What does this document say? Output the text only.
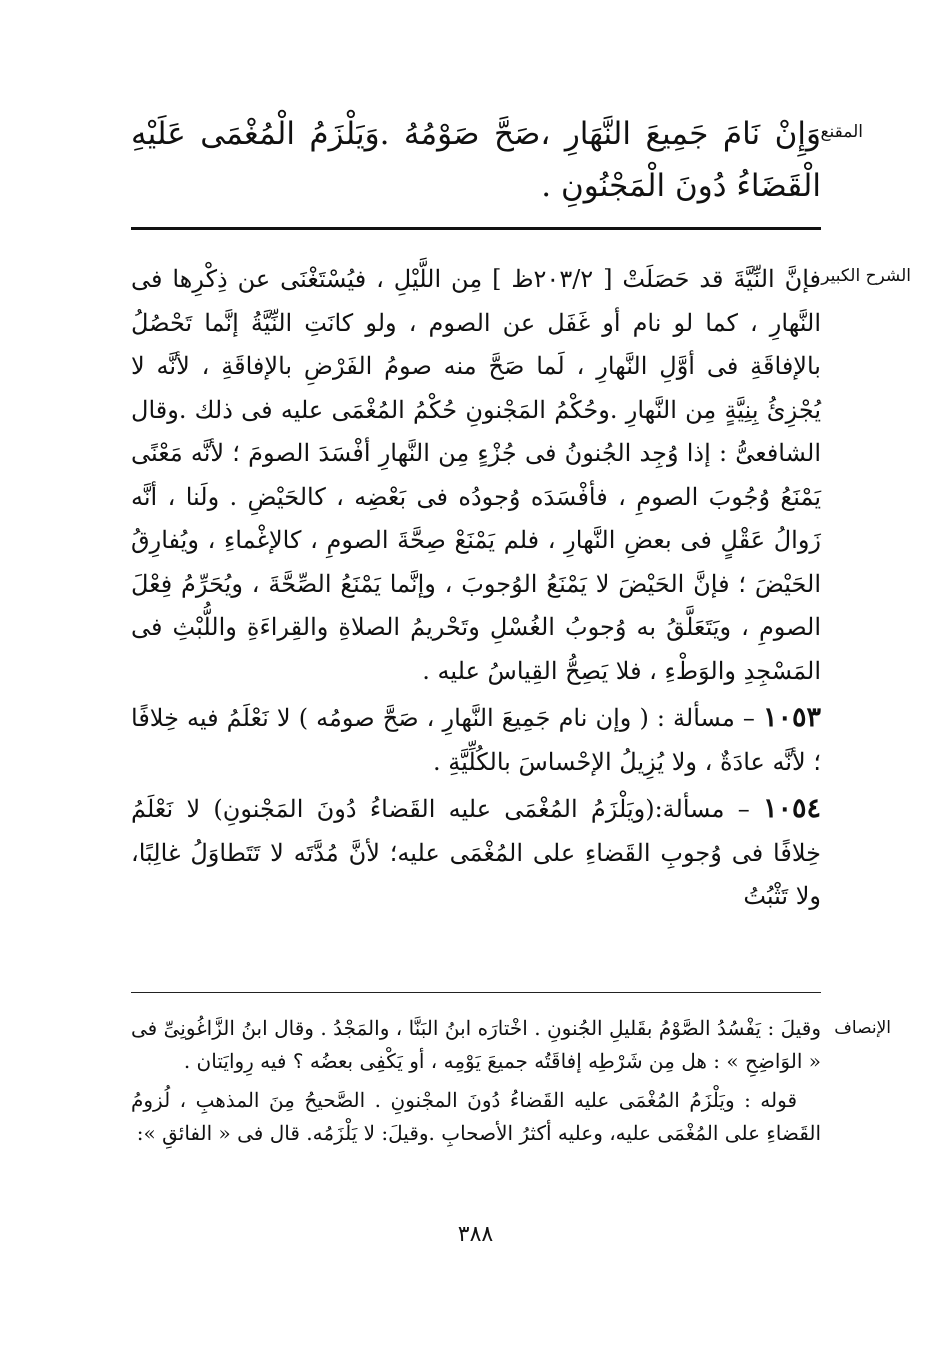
المقنع

وَإِنْ نَامَ جَمِيعَ النَّهَارِ ،صَحَّ صَوْمُهُ .وَيَلْزَمُ الْمُغْمَى عَلَيْهِ الْقَضَاءُ دُونَ الْمَجْنُونِ .

الشرح الكبير

فإنَّ النِّيَّةَ قد حَصَلَتْ [ ٢٠٣/٢ظ ] مِن اللَّيْلِ ، فيُسْتَغْنَى عن ذِكْرِها فى النَّهارِ ، كما لو نام أو غَفَل عن الصوم ، ولو كانَتِ النِّيَّةُ إنَّما تَحْصُلُ بالإفاقَةِ فى أوَّلِ النَّهارِ ، لَما صَحَّ منه صومُ الفَرْضِ بالإفاقَةِ ، لأنَّه لا يُجْزِئُ بِنِيَّةٍ مِن النَّهارِ .وحُكْمُ المَجْنونِ حُكْمُ المُغْمَى عليه فى ذلك .وقال الشافعىُّ : إذا وُجِد الجُنونُ فى جُزْءٍ مِن النَّهارِ أفْسَدَ الصومَ ؛ لأنَّه مَعْنًى يَمْنَعُ وُجُوبَ الصومِ ، فأفْسَدَه وُجودُه فى بَعْضِه ، كالحَيْضِ . ولَنا ، أنَّه زَوالُ عَقْلٍ فى بعضِ النَّهارِ ، فلم يَمْنَعْ صِحَّةَ الصومِ ، كالإغْماءِ ، ويُفارِقُ الحَيْضَ ؛ فإنَّ الحَيْضَ لا يَمْنَعُ الوُجوبَ ، وإنَّما يَمْنَعُ الصِّحَّةَ ، ويُحَرِّمُ فِعْلَ الصومِ ، ويَتَعَلَّقُ به وُجوبُ الغُسْلِ وتَحْريمُ الصلاةِ والقِراءَةِ واللُّبْثِ فى المَسْجِدِ والوَطْءِ ، فلا يَصِحُّ القِياسُ عليه .

١٠٥٣ – مسألة : ( وإن نام جَمِيعَ النَّهارِ ، صَحَّ صومُه ) لا نَعْلَمُ فيه خِلافًا ؛ لأنَّه عادَةٌ ، ولا يُزِيلُ الإحْساسَ بالكُلِّيَّةِ .

١٠٥٤ – مسألة:(ويَلْزَمُ المُغْمَى عليه القَضاءُ دُونَ المَجْنونِ) لا نَعْلَمُ خِلافًا فى وُجوبِ القَضاءِ على المُغْمَى عليه؛ لأنَّ مُدَّتَه لا تَتَطاوَلُ غالِبًا، ولا تَثْبُتُ

الإنصاف

وقيلَ : يَفْسُدُ الصَّوْمُ بقَليلِ الجُنونِ . اخْتارَه ابنُ البَنَّا ، والمَجْدُ . وقال ابنُ الزَّاغُونِىِّ فى « الوَاضِحِ » : هل مِن شَرْطِه إفاقَتُه جميعَ يَوْمِه ، أو يَكْفِى بعضُه ؟ فيه رِوايَتان .

قوله : ويَلْزَمُ المُغْمَى عليه القَضاءُ دُونَ المجْنونِ . الصَّحيحُ مِنَ المذهبِ ، لُزومُ القَضاءِ على المُغْمَى عليه، وعليه أكثرُ الأصحابِ .وقيلَ: لا يَلْزَمُه. قال فى « الفائقِ »:

٣٨٨
